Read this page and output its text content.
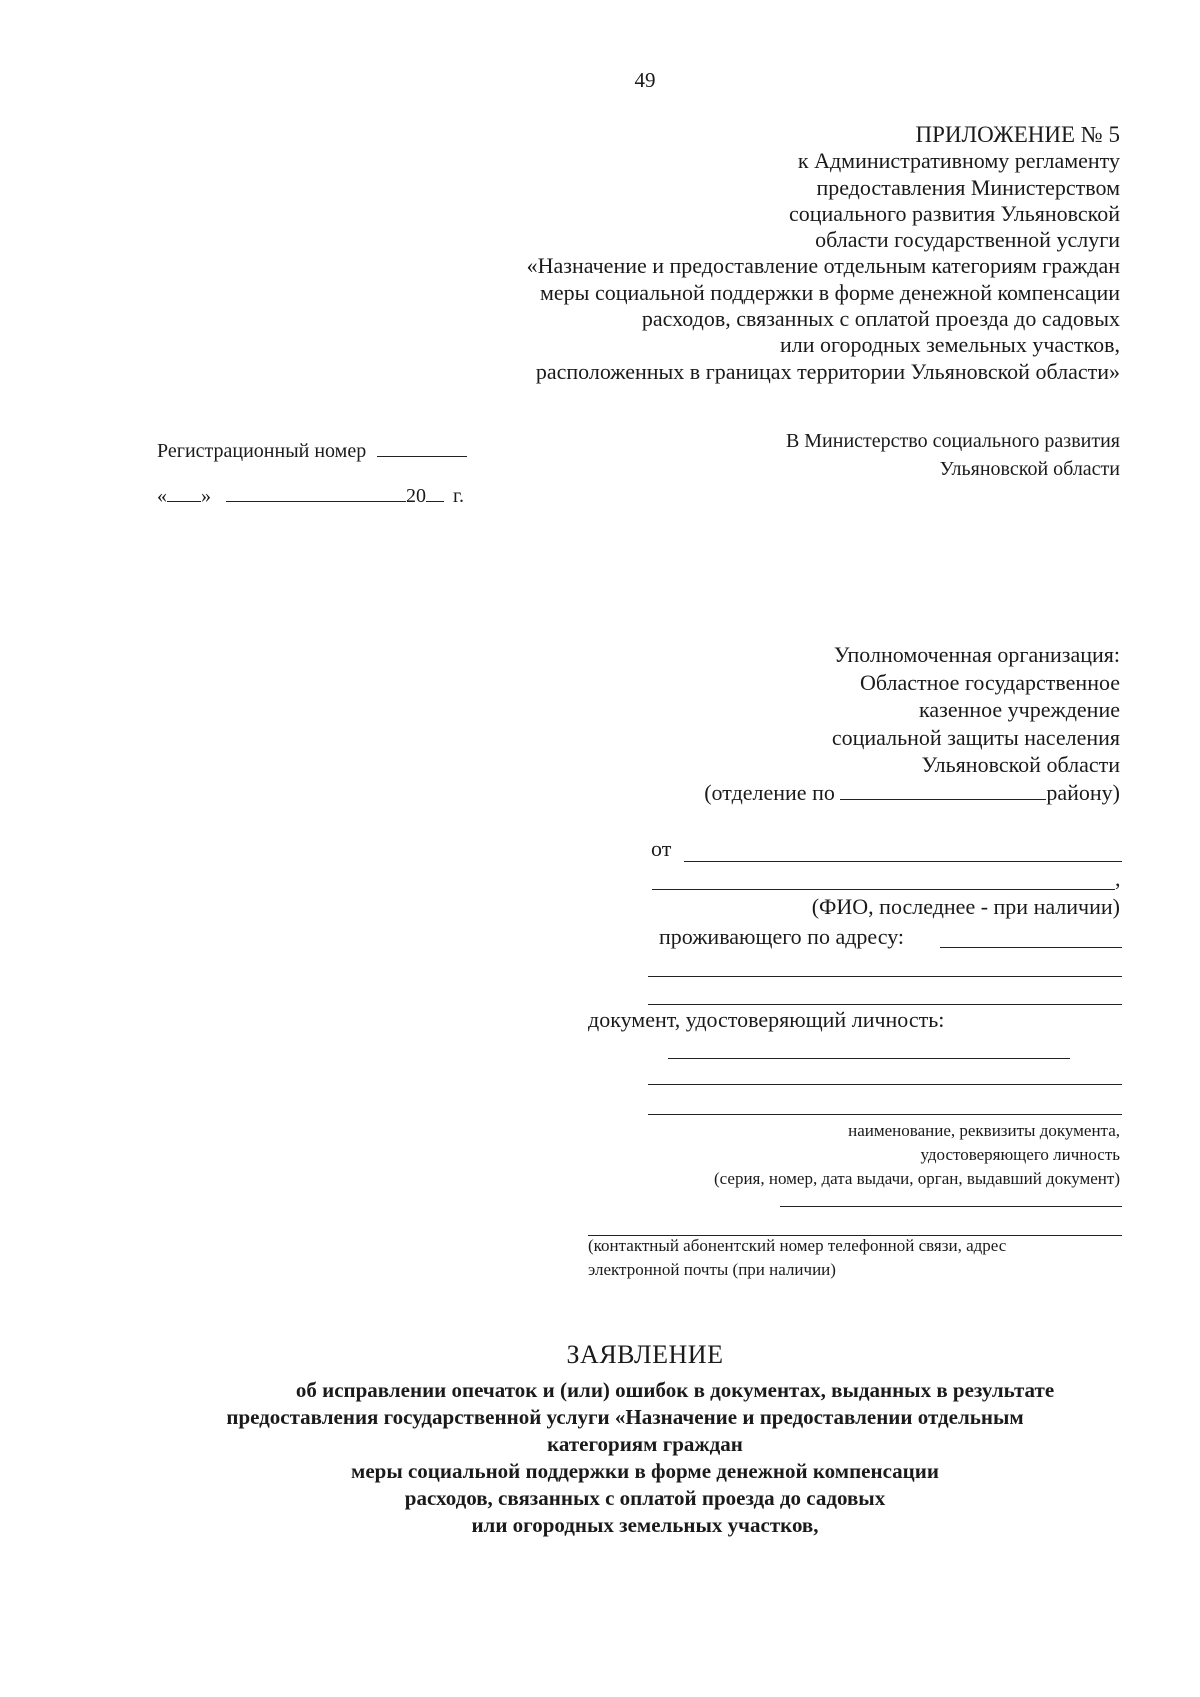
49
ПРИЛОЖЕНИЕ № 5
к Административному регламенту
предоставления Министерством
социального развития Ульяновской
области государственной услуги
«Назначение и предоставление отдельным категориям граждан
меры социальной поддержки в форме денежной компенсации
расходов, связанных с оплатой проезда до садовых
или огородных земельных участков,
расположенных в границах территории Ульяновской области»
Регистрационный номер
« »	20 г.
В Министерство социального развития
Ульяновской области
Уполномоченная организация:
Областное государственное
казенное учреждение
социальной защиты населения
Ульяновской области
(отделение по	району)
от
,
(ФИО, последнее - при наличии)
проживающего по адресу:
документ, удостоверяющий личность:
наименование, реквизиты документа,
удостоверяющего личность
(серия, номер, дата выдачи, орган, выдавший документ)
(контактный абонентский номер телефонной связи, адрес
электронной почты (при наличии)
ЗАЯВЛЕНИЕ
об исправлении опечаток и (или) ошибок в документах, выданных в результате
предоставления государственной услуги «Назначение и предоставлении отдельным
категориям граждан
меры социальной поддержки в форме денежной компенсации
расходов, связанных с оплатой проезда до садовых
или огородных земельных участков,
